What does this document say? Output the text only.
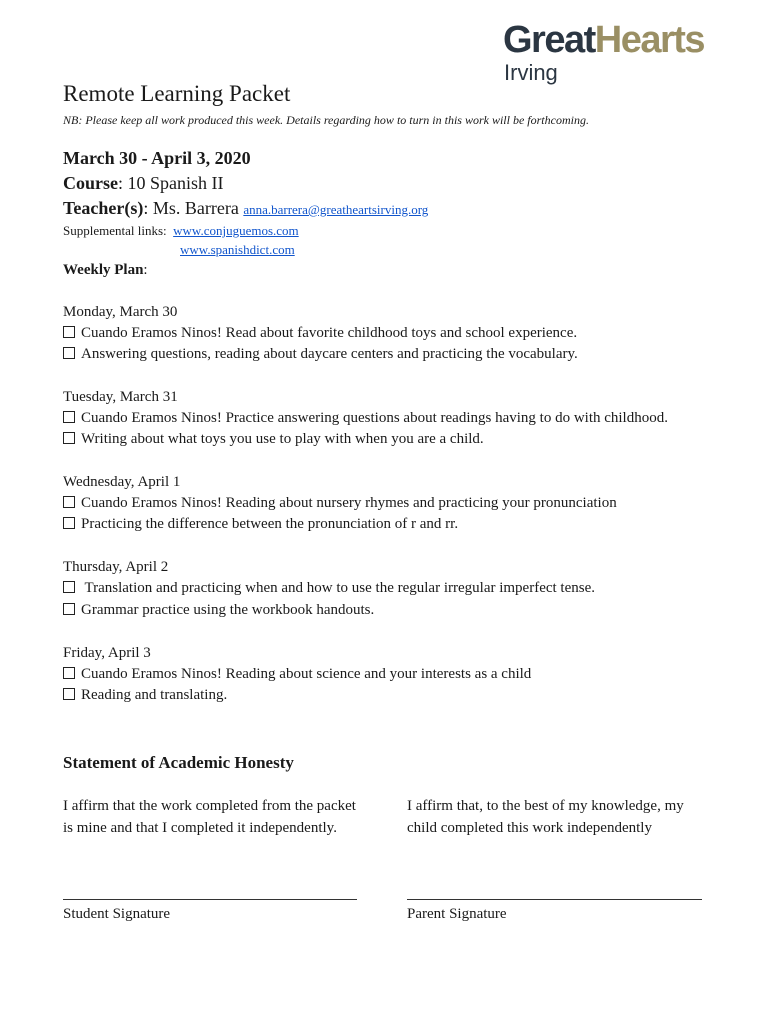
GreatHearts
Irving
Remote Learning Packet
NB: Please keep all work produced this week. Details regarding how to turn in this work will be forthcoming.
March 30 - April 3, 2020
Course: 10 Spanish II
Teacher(s): Ms. Barrera anna.barrera@greatheartsirving.org
Supplemental links: www.conjuguemos.com
www.spanishdict.com
Weekly Plan:
Monday, March 30
Cuando Eramos Ninos! Read about favorite childhood toys and school experience.
Answering questions, reading about daycare centers and practicing the vocabulary.
Tuesday, March 31
Cuando Eramos Ninos! Practice answering questions about readings having to do with childhood.
Writing about what toys you use to play with when you are a child.
Wednesday, April 1
Cuando Eramos Ninos! Reading about nursery rhymes and practicing your pronunciation
Practicing the difference between the pronunciation of r and rr.
Thursday, April 2
Translation and practicing when and how to use the regular irregular imperfect tense.
Grammar practice using the workbook handouts.
Friday, April 3
Cuando Eramos Ninos! Reading about science and your interests as a child
Reading and translating.
Statement of Academic Honesty
I affirm that the work completed from the packet is mine and that I completed it independently.
I affirm that, to the best of my knowledge, my child completed this work independently
Student Signature	Parent Signature
